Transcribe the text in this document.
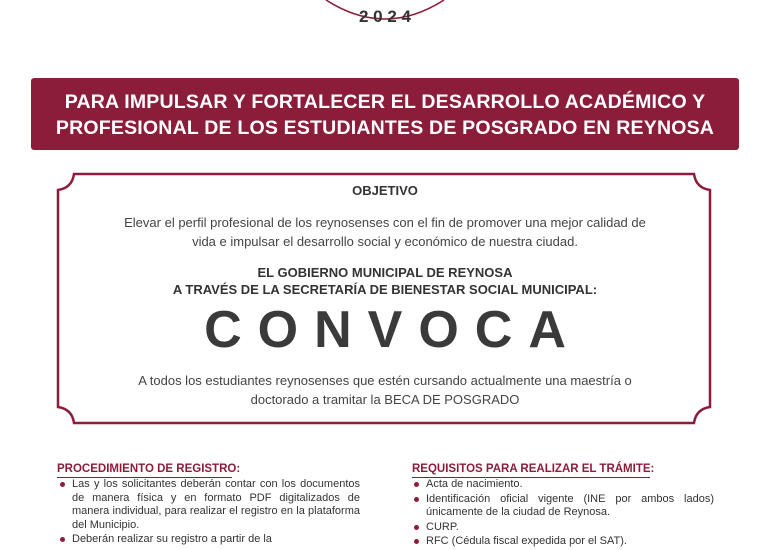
2 0 2 4
PARA IMPULSAR Y FORTALECER EL DESARROLLO ACADÉMICO Y
PROFESIONAL DE LOS ESTUDIANTES DE POSGRADO EN REYNOSA
OBJETIVO
Elevar el perfil profesional de los reynosenses con el fin de promover una mejor calidad de
vida e impulsar el desarrollo social y económico de nuestra ciudad.
EL GOBIERNO MUNICIPAL DE REYNOSA
A TRAVÉS DE LA SECRETARÍA DE BIENESTAR SOCIAL MUNICIPAL:
CONVOCA
A todos los estudiantes reynosenses que estén cursando actualmente una maestría o
doctorado a tramitar la BECA DE POSGRADO
PROCEDIMIENTO DE REGISTRO:
Las y los solicitantes deberán contar con los documentos de manera física y en formato PDF digitalizados de manera individual, para realizar el registro en la plataforma del Municipio.
Deberán realizar su registro a partir de la
REQUISITOS PARA REALIZAR EL TRÁMITE:
Acta de nacimiento.
Identificación oficial vigente (INE por ambos lados) únicamente de la ciudad de Reynosa.
CURP.
RFC (Cédula fiscal expedida por el SAT).
